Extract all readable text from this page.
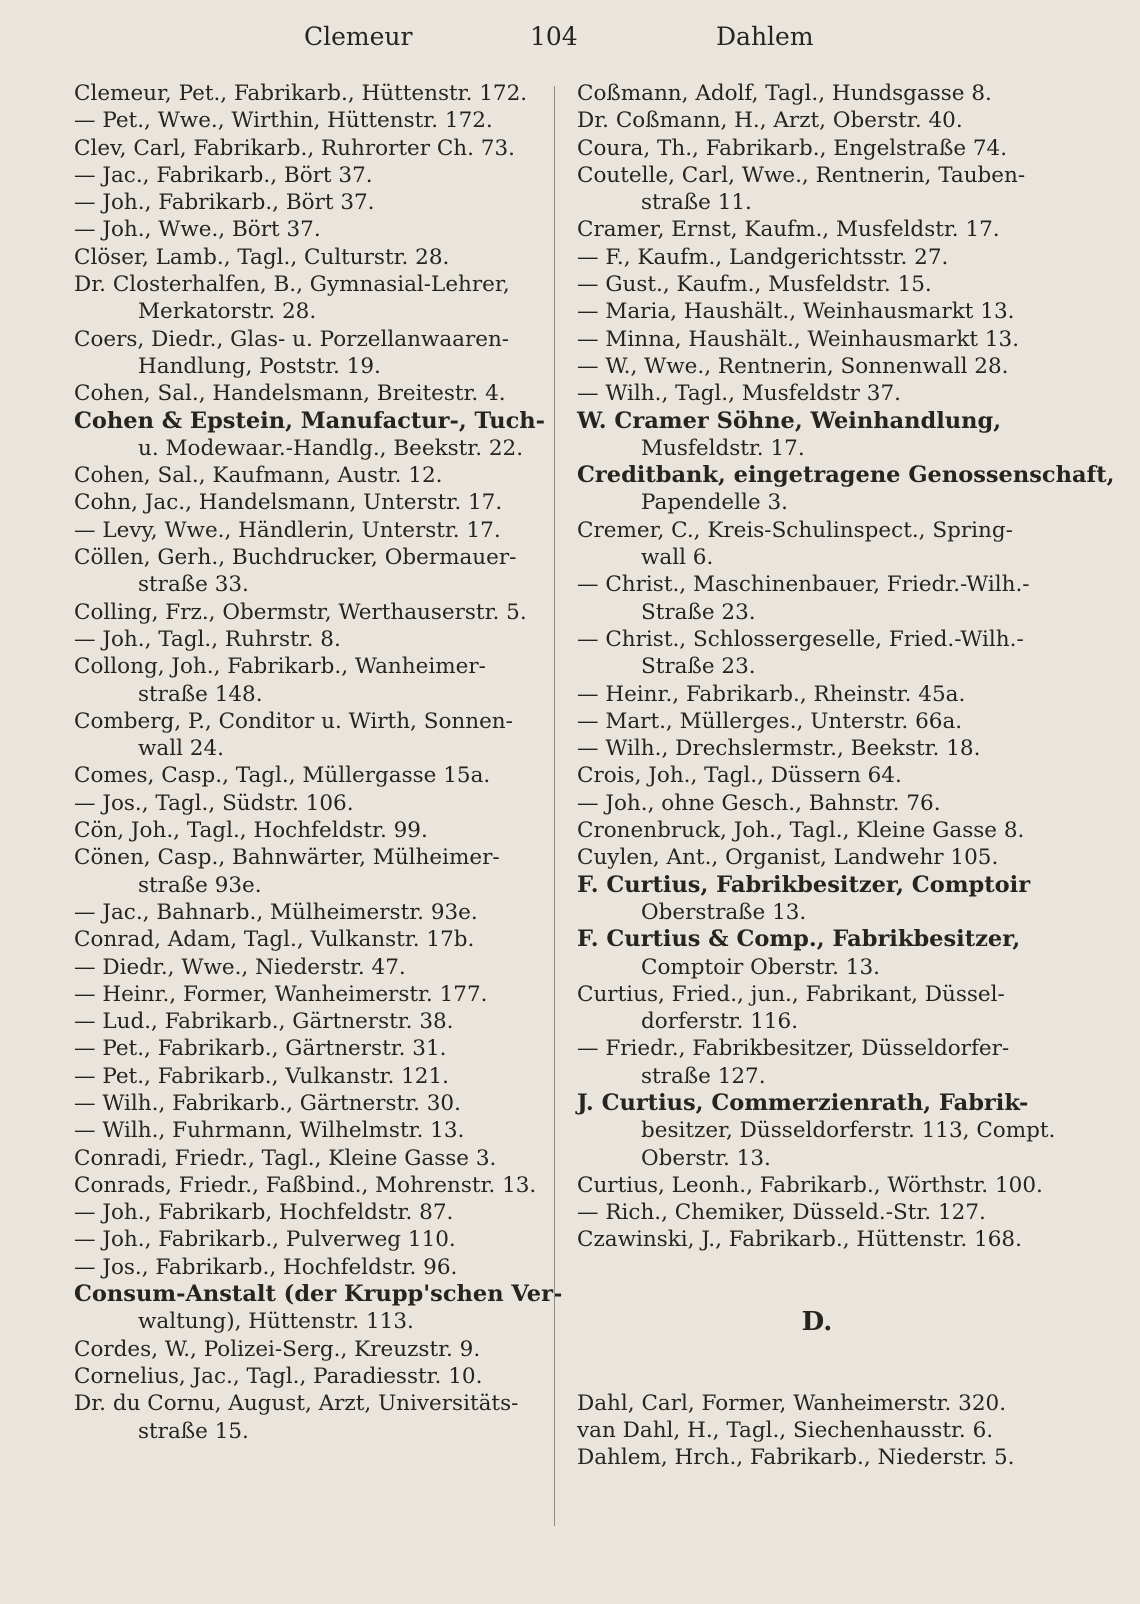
Clemeur	104	Dahlem
Clemeur, Pet., Fabrikarb., Hüttenstr. 172.
— Pet., Wwe., Wirthin, Hüttenstr. 172.
Clev, Carl, Fabrikarb., Ruhrorter Ch. 73.
— Jac., Fabrikarb., Bört 37.
— Joh., Fabrikarb., Bört 37.
— Joh., Wwe., Bört 37.
Clöser, Lamb., Tagl., Culturstr. 28.
Dr. Closterhalfen, B., Gymnasial-Lehrer,
Merkatorstr. 28.
Coers, Diedr., Glas- u. Porzellanwaaren-
Handlung, Poststr. 19.
Cohen, Sal., Handelsmann, Breitestr. 4.
Cohen & Epstein, Manufactur-, Tuch-
u. Modewaar.-Handlg., Beekstr. 22.
Cohen, Sal., Kaufmann, Austr. 12.
Cohn, Jac., Handelsmann, Unterstr. 17.
— Levy, Wwe., Händlerin, Unterstr. 17.
Cöllen, Gerh., Buchdrucker, Obermauer-
straße 33.
Colling, Frz., Obermstr, Werthauserstr. 5.
— Joh., Tagl., Ruhrstr. 8.
Collong, Joh., Fabrikarb., Wanheimer-
straße 148.
Comberg, P., Conditor u. Wirth, Sonnen-
wall 24.
Comes, Casp., Tagl., Müllergasse 15a.
— Jos., Tagl., Südstr. 106.
Cön, Joh., Tagl., Hochfeldstr. 99.
Cönen, Casp., Bahnwärter, Mülheimer-
straße 93e.
— Jac., Bahnarb., Mülheimerstr. 93e.
Conrad, Adam, Tagl., Vulkanstr. 17b.
— Diedr., Wwe., Niederstr. 47.
— Heinr., Former, Wanheimerstr. 177.
— Lud., Fabrikarb., Gärtnerstr. 38.
— Pet., Fabrikarb., Gärtnerstr. 31.
— Pet., Fabrikarb., Vulkanstr. 121.
— Wilh., Fabrikarb., Gärtnerstr. 30.
— Wilh., Fuhrmann, Wilhelmstr. 13.
Conradi, Friedr., Tagl., Kleine Gasse 3.
Conrads, Friedr., Faßbind., Mohrenstr. 13.
— Joh., Fabrikarb, Hochfeldstr. 87.
— Joh., Fabrikarb., Pulverweg 110.
— Jos., Fabrikarb., Hochfeldstr. 96.
Consum-Anstalt (der Krupp'schen Ver-
waltung), Hüttenstr. 113.
Cordes, W., Polizei-Serg., Kreuzstr. 9.
Cornelius, Jac., Tagl., Paradiesstr. 10.
Dr. du Cornu, August, Arzt, Universitäts-
straße 15.
Coßmann, Adolf, Tagl., Hundsgasse 8.
Dr. Coßmann, H., Arzt, Oberstr. 40.
Coura, Th., Fabrikarb., Engelstraße 74.
Coutelle, Carl, Wwe., Rentnerin, Tauben-
straße 11.
Cramer, Ernst, Kaufm., Musfeldstr. 17.
— F., Kaufm., Landgerichtsstr. 27.
— Gust., Kaufm., Musfeldstr. 15.
— Maria, Haushält., Weinhausmarkt 13.
— Minna, Haushält., Weinhausmarkt 13.
— W., Wwe., Rentnerin, Sonnenwall 28.
— Wilh., Tagl., Musfeldstr 37.
W. Cramer Söhne, Weinhandlung,
Musfeldstr. 17.
Creditbank, eingetragene Genossenschaft,
Papendelle 3.
Cremer, C., Kreis-Schulinspect., Spring-
wall 6.
— Christ., Maschinenbauer, Friedr.-Wilh.-
Straße 23.
— Christ., Schlossergeselle, Fried.-Wilh.-
Straße 23.
— Heinr., Fabrikarb., Rheinstr. 45a.
— Mart., Müllerges., Unterstr. 66a.
— Wilh., Drechslermstr., Beekstr. 18.
Crois, Joh., Tagl., Düssern 64.
— Joh., ohne Gesch., Bahnstr. 76.
Cronenbruck, Joh., Tagl., Kleine Gasse 8.
Cuylen, Ant., Organist, Landwehr 105.
F. Curtius, Fabrikbesitzer, Comptoir
Oberstraße 13.
F. Curtius & Comp., Fabrikbesitzer,
Comptoir Oberstr. 13.
Curtius, Fried., jun., Fabrikant, Düssel-
dorferstr. 116.
— Friedr., Fabrikbesitzer, Düsseldorfer-
straße 127.
J. Curtius, Commerzienrath, Fabrik-
besitzer, Düsseldorferstr. 113, Compt.
Oberstr. 13.
Curtius, Leonh., Fabrikarb., Wörthstr. 100.
— Rich., Chemiker, Düsseld.-Str. 127.
Czawinski, J., Fabrikarb., Hüttenstr. 168.
D.
Dahl, Carl, Former, Wanheimerstr. 320.
van Dahl, H., Tagl., Siechenhausstr. 6.
Dahlem, Hrch., Fabrikarb., Niederstr. 5.
